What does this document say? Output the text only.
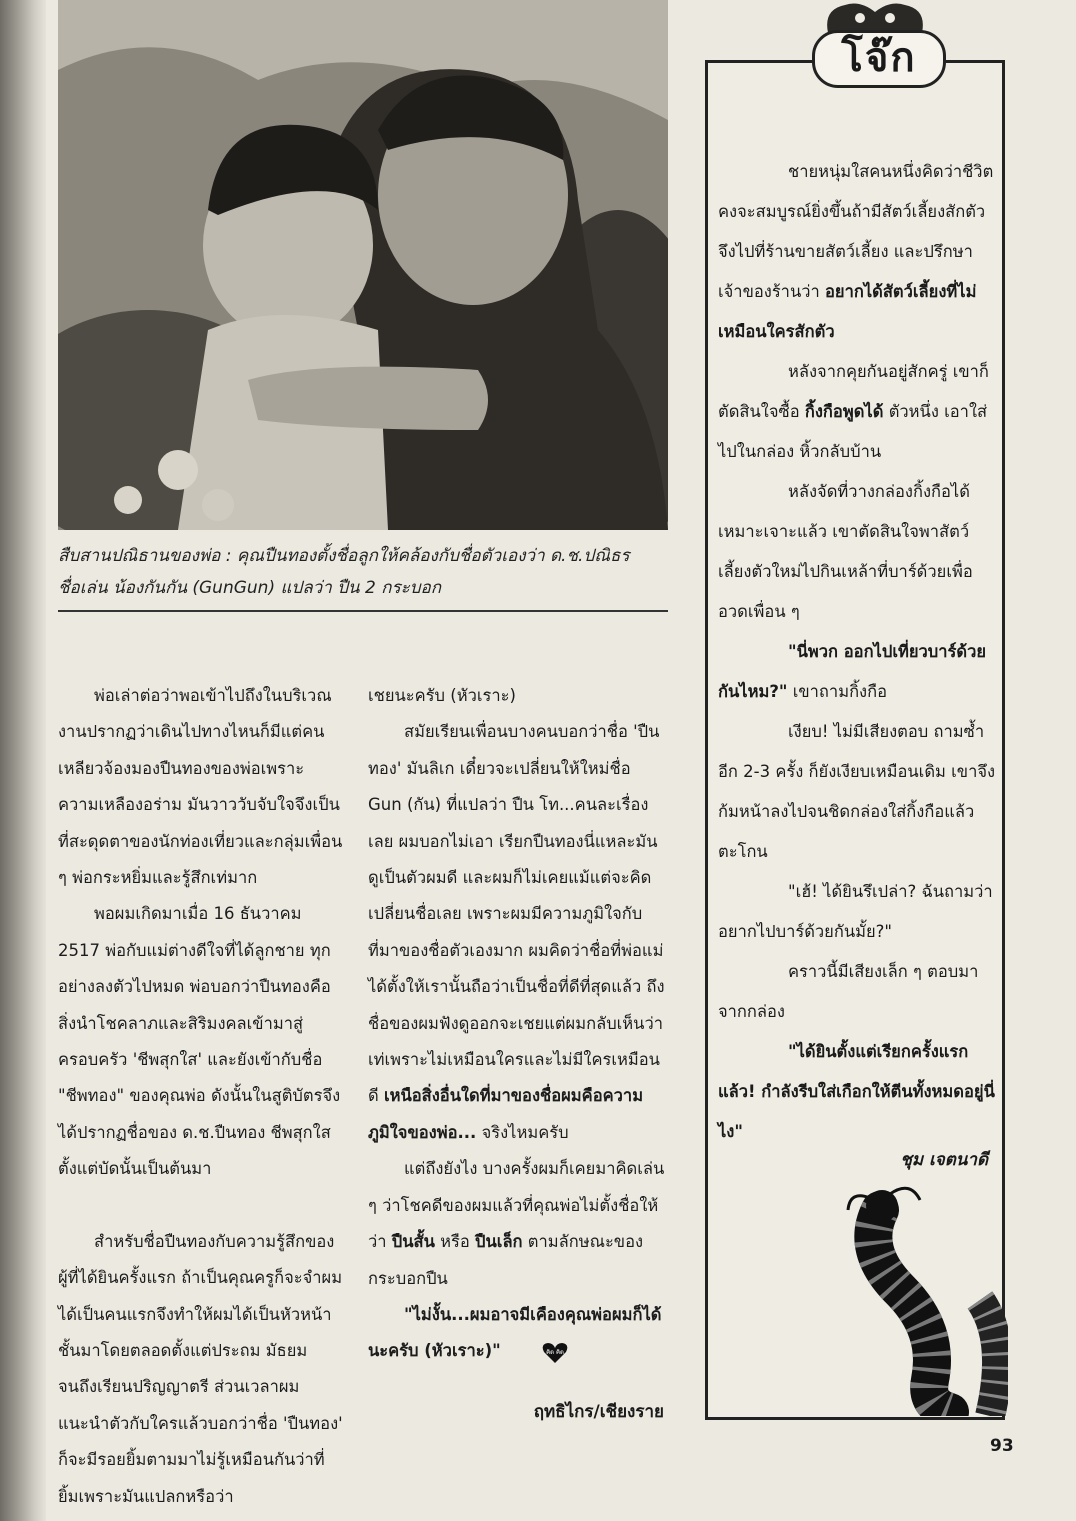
สืบสานปณิธานของพ่อ : คุณปืนทองตั้งชื่อลูกให้คล้องกับชื่อตัวเองว่า ด.ช.ปณิธร

ชื่อเล่น น้องกันกัน (GunGun) แปลว่า ปืน 2 กระบอก

พ่อเล่าต่อว่าพอเข้าไปถึงในบริเวณงานปรากฏว่าเดินไปทางไหนก็มีแต่คนเหลียวจ้องมองปืนทองของพ่อเพราะความเหลืองอร่าม มันวาววับจับใจจึงเป็นที่สะดุดตาของนักท่องเที่ยวและกลุ่มเพื่อน ๆ พ่อกระหยิ่มและรู้สึกเท่มาก

พอผมเกิดมาเมื่อ 16 ธันวาคม 2517 พ่อกับแม่ต่างดีใจที่ได้ลูกชาย ทุกอย่างลงตัวไปหมด พ่อบอกว่าปืนทองคือสิ่งนำโชคลาภและสิริมงคลเข้ามาสู่ครอบครัว 'ชีพสุกใส' และยังเข้ากับชื่อ "ชีพทอง" ของคุณพ่อ ดังนั้นในสูติบัตรจึงได้ปรากฏชื่อของ ด.ช.ปืนทอง ชีพสุกใส ตั้งแต่บัดนั้นเป็นต้นมา

สำหรับชื่อปืนทองกับความรู้สึกของผู้ที่ได้ยินครั้งแรก ถ้าเป็นคุณครูก็จะจำผมได้เป็นคนแรกจึงทำให้ผมได้เป็นหัวหน้าชั้นมาโดยตลอดตั้งแต่ประถม มัธยมจนถึงเรียนปริญญาตรี ส่วนเวลาผมแนะนำตัวกับใครแล้วบอกว่าชื่อ 'ปืนทอง' ก็จะมีรอยยิ้มตามมาไม่รู้เหมือนกันว่าที่ยิ้มเพราะมันแปลกหรือว่า

เชยนะครับ (หัวเราะ)

สมัยเรียนเพื่อนบางคนบอกว่าชื่อ 'ปืนทอง' มันลิเก เดี๋ยวจะเปลี่ยนให้ใหม่ชื่อ Gun (กัน) ที่แปลว่า ปืน โท...คนละเรื่องเลย ผมบอกไม่เอา เรียกปืนทองนี่แหละมันดูเป็นตัวผมดี และผมก็ไม่เคยแม้แต่จะคิดเปลี่ยนชื่อเลย เพราะผมมีความภูมิใจกับที่มาของชื่อตัวเองมาก ผมคิดว่าชื่อที่พ่อแม่ได้ตั้งให้เรานั้นถือว่าเป็นชื่อที่ดีที่สุดแล้ว ถึงชื่อของผมฟังดูออกจะเชยแต่ผมกลับเห็นว่าเท่เพราะไม่เหมือนใครและไม่มีใครเหมือนดี เหนือสิ่งอื่นใดที่มาของชื่อผมคือความภูมิใจของพ่อ... จริงไหมครับ

แต่ถึงยังไง บางครั้งผมก็เคยมาคิดเล่น ๆ ว่าโชคดีของผมแล้วที่คุณพ่อไม่ตั้งชื่อให้ว่า ปืนสั้น หรือ ปืนเล็ก ตามลักษณะของกระบอกปืน

"ไม่งั้น...ผมอาจมีเคืองคุณพ่อผมก็ได้นะครับ (หัวเราะ)"	คิด คิด

ฤทธิไกร/เชียงราย
โจ๊ก

ชายหนุ่มใสคนหนึ่งคิดว่าชีวิตคงจะสมบูรณ์ยิ่งขึ้นถ้ามีสัตว์เลี้ยงสักตัว จึงไปที่ร้านขายสัตว์เลี้ยง และปรึกษาเจ้าของร้านว่า อยากได้สัตว์เลี้ยงที่ไม่เหมือนใครสักตัว

หลังจากคุยกันอยู่สักครู่ เขาก็ตัดสินใจซื้อ กิ้งกือพูดได้ ตัวหนึ่ง เอาใส่ไปในกล่อง หิ้วกลับบ้าน

หลังจัดที่วางกล่องกิ้งกือได้เหมาะเจาะแล้ว เขาตัดสินใจพาสัตว์เลี้ยงตัวใหม่ไปกินเหล้าที่บาร์ด้วยเพื่ออวดเพื่อน ๆ

"นี่พวก ออกไปเที่ยวบาร์ด้วยกันไหม?" เขาถามกิ้งกือ

เงียบ! ไม่มีเสียงตอบ ถามซ้ำอีก 2-3 ครั้ง ก็ยังเงียบเหมือนเดิม เขาจึงก้มหน้าลงไปจนชิดกล่องใส่กิ้งกือแล้วตะโกน

"เฮ้! ได้ยินรึเปล่า? ฉันถามว่าอยากไปบาร์ด้วยกันมั้ย?"

คราวนี้มีเสียงเล็ก ๆ ตอบมาจากกล่อง

"ได้ยินตั้งแต่เรียกครั้งแรกแล้ว! กำลังรีบใส่เกือกให้ตีนทั้งหมดอยู่นี่ไง"

ชุม เจตนาดี
93
